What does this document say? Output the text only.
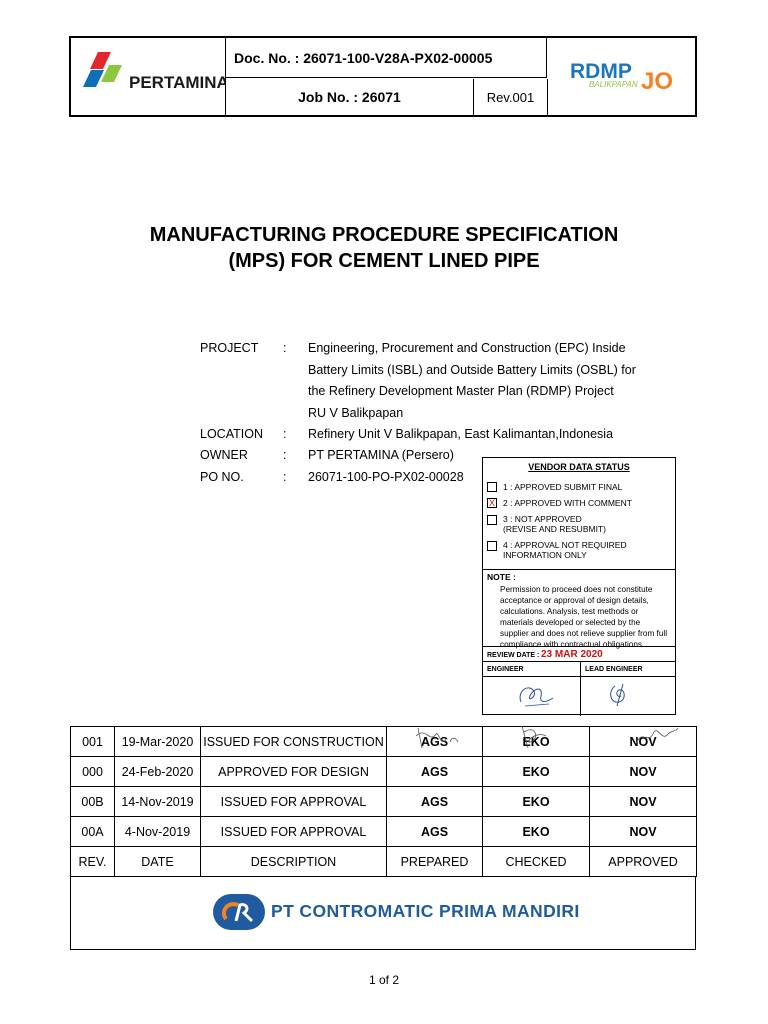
PERTAMINA
Doc. No. : 26071-100-V28A-PX02-00005
Job No. : 26071	Rev.001
RDMP
BALIKPAPAN JO
MANUFACTURING PROCEDURE SPECIFICATION
(MPS) FOR CEMENT LINED PIPE
PROJECT : Engineering, Procurement and Construction (EPC) Inside
Battery Limits (ISBL) and Outside Battery Limits (OSBL) for
the Refinery Development Master Plan (RDMP) Project
RU V Balikpapan
LOCATION : Refinery Unit V Balikpapan, East Kalimantan,Indonesia
OWNER	: PT PERTAMINA (Persero)
PO NO.	: 26071-100-PO-PX02-00028
VENDOR DATA STATUS
1 : APPROVED SUBMIT FINAL
X 2 : APPROVED WITH COMMENT
3 : NOT APPROVED
(REVISE AND RESUBMIT)
4 : APPROVAL NOT REQUIRED
INFORMATION ONLY
NOTE :
Permission to proceed does not constitute
acceptance or approval of design details,
calculations. Analysis, test methods or
materials developed or selected by the
supplier and does not relieve supplier from full
compliance with contractual obligations.
REVIEW DATE : 23 MAR 2020
ENGINEER	LEAD ENGINEER
001	19-Mar-2020	ISSUED FOR CONSTRUCTION	AGS	EKO	NOV
000	24-Feb-2020	APPROVED FOR DESIGN	AGS	EKO	NOV
00B	14-Nov-2019	ISSUED FOR APPROVAL	AGS	EKO	NOV
00A	4-Nov-2019	ISSUED FOR APPROVAL	AGS	EKO	NOV
REV.	DATE	DESCRIPTION	PREPARED	CHECKED	APPROVED
PT CONTROMATIC PRIMA MANDIRI
1 of 2
